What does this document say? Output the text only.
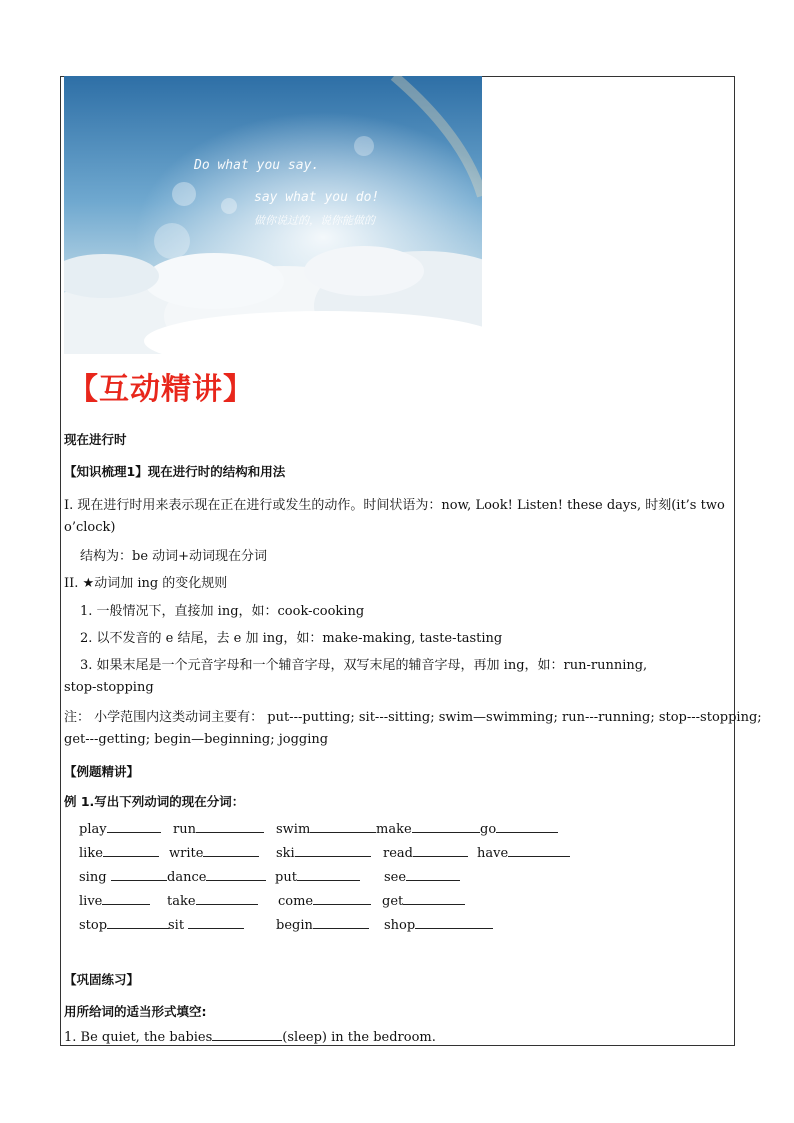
Do what you say.
say what you do!
做你说过的，说你能做的
【互动精讲】
现在进行时
【知识梳理1】现在进行时的结构和用法
I. 现在进行时用来表示现在正在进行或发生的动作。时间状语为：now, Look! Listen! these days, 时刻(it’s two
o’clock)
结构为：be 动词+动词现在分词
II. ★动词加 ing 的变化规则
1. 一般情况下，直接加 ing，如：cook-cooking
2. 以不发音的 e 结尾，去 e 加 ing，如：make-making, taste-tasting
3. 如果末尾是一个元音字母和一个辅音字母，双写末尾的辅音字母，再加 ing，如：run-running,
stop-stopping
注： 小学范围内这类动词主要有： put---putting; sit---sitting; swim—swimming; run---running; stop---stopping;
get---getting; begin—beginning; jogging
【例题精讲】
例 1.写出下列动词的现在分词：
play	run	swim	make	go
like	write	ski	read	have
sing	dance	put	see
live	take	come	get
stop	sit	begin	shop
【巩固练习】
用所给词的适当形式填空:
1. Be quiet, the babies	(sleep) in the bedroom.
